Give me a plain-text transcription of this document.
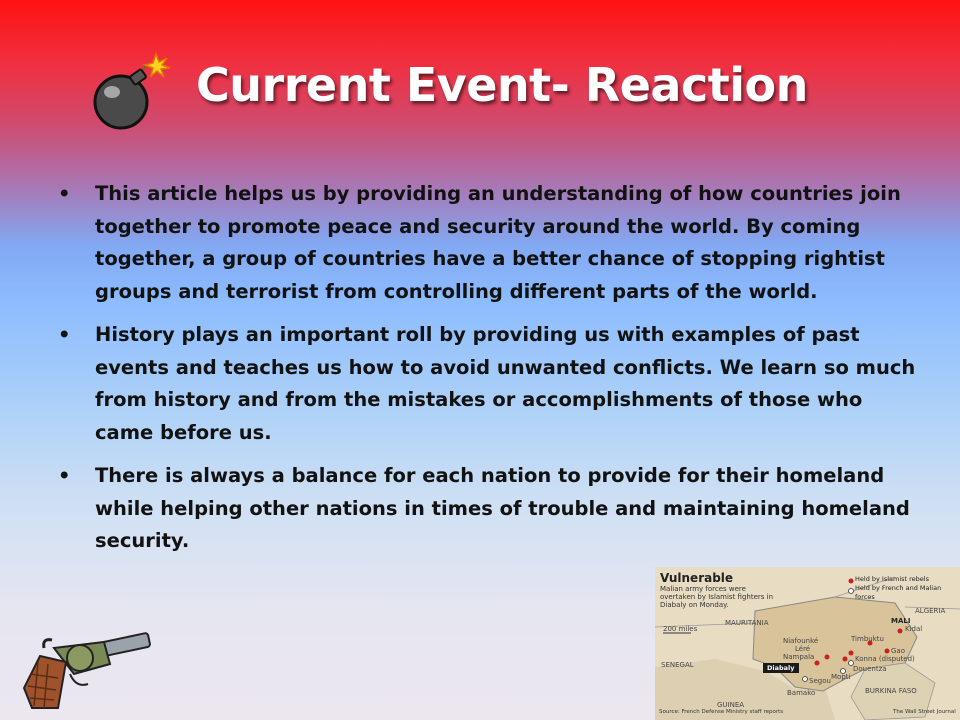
Current Event- Reaction
• This article helps us by providing an understanding of how countries join together to promote peace and security around the world. By coming together, a group of countries have a better chance of stopping rightist groups and terrorist from controlling different parts of the world.
• History plays an important roll by providing us with examples of past events and teaches us how to avoid unwanted conflicts. We learn so much from history and from the mistakes or accomplishments of those who came before us.
• There is always a balance for each nation to provide for their homeland while helping other nations in times of trouble and maintaining homeland security.
Vulnerable
Malian army forces were overtaken by Islamist fighters in Diabaly on Monday.
Held by Islamist rebels
Held by French and Malian forces
ALGERIA
MAURITANIA
SENEGAL
GUINEA
BURKINA FASO
Kidal
Timbuktu
Gao
Konna (disputed)
Douentza
Mopti
Segou
Bamako
Léré
Nampala
Niafounké
200 miles
MALI
Diabaly
Source: French Defense Ministry staff reports	The Wall Street Journal
